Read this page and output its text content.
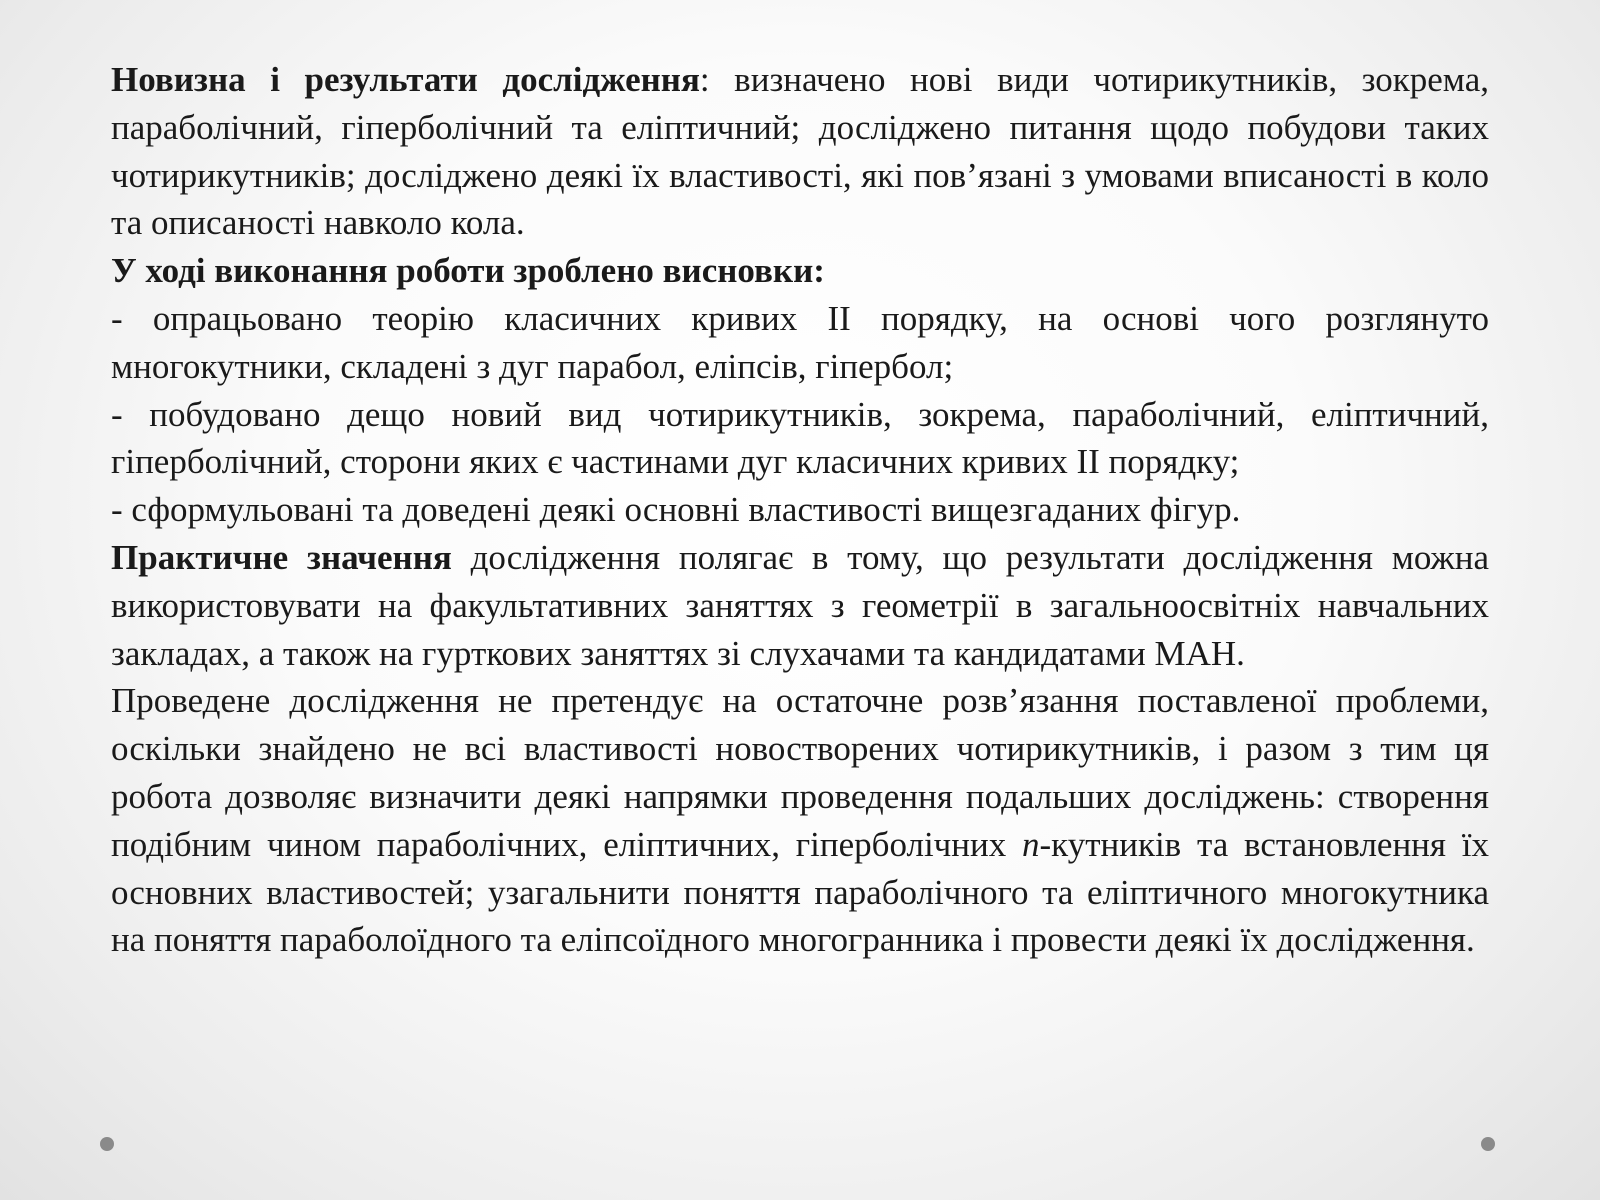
Новизна і результати дослідження: визначено нові види чотирикутників, зокрема, параболічний, гіперболічний та еліптичний; досліджено питання щодо побудови таких чотирикутників; досліджено деякі їх властивості, які пов’язані з умовами вписаності в коло та описаності навколо кола.

У ході виконання роботи зроблено висновки:

- опрацьовано теорію класичних кривих ІІ порядку, на основі чого розглянуто многокутники, складені з дуг парабол, еліпсів, гіпербол;

- побудовано дещо новий вид чотирикутників, зокрема, параболічний, еліптичний, гіперболічний, сторони яких є частинами дуг класичних кривих ІІ порядку;

- сформульовані та доведені деякі основні властивості вищезгаданих фігур.

Практичне значення дослідження полягає в тому, що результати дослідження можна використовувати на факультативних заняттях з геометрії в загальноосвітніх навчальних закладах, а також на гурткових заняттях зі слухачами та кандидатами МАН.

Проведене дослідження не претендує на остаточне розв’язання поставленої проблеми, оскільки знайдено не всі властивості новостворених чотирикутників, і разом з тим ця робота дозволяє визначити деякі напрямки проведення подальших досліджень: створення подібним чином параболічних, еліптичних, гіперболічних n-кутників та встановлення їх основних властивостей; узагальнити поняття параболічного та еліптичного многокутника на поняття параболоїдного та еліпсоїдного многогранника і провести деякі їх дослідження.
